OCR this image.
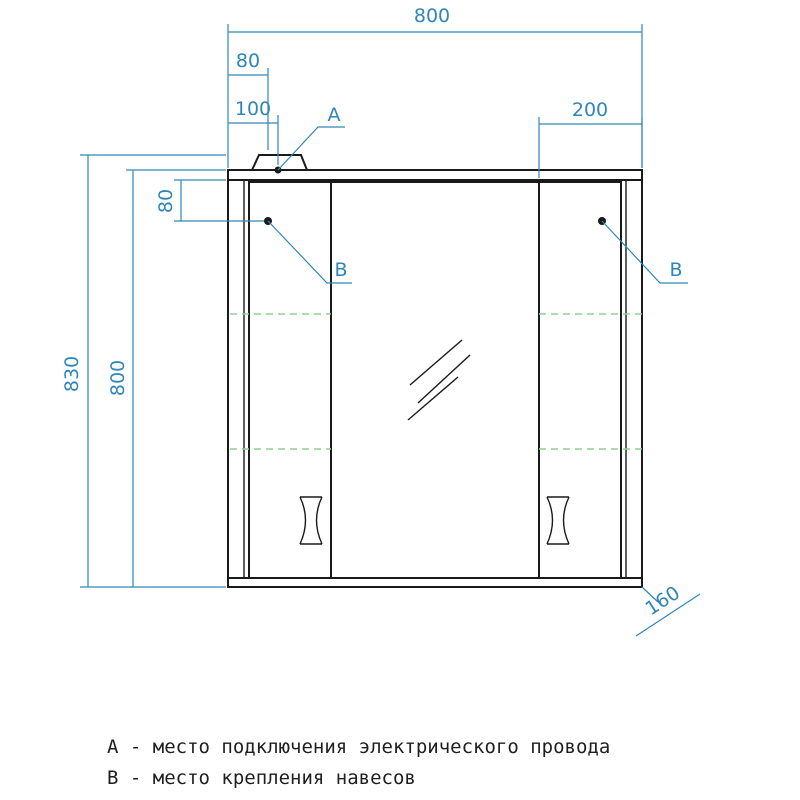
800
80
100	200
830 800
80
160
A
B	B
A - место подключения электрического провода
B - место крепления навесов
